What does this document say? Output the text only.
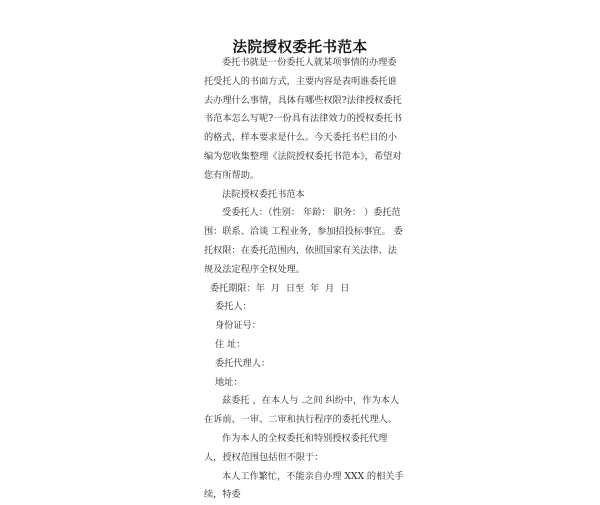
法院授权委托书范本

委托书就是一份委托人就某项事情的办理委托受托人的书面方式，主要内容是表明谁委托谁去办理什么事情，具体有哪些权限?法律授权委托书范本怎么写呢?一份具有法律效力的授权委托书的格式、样本要求是什么。今天委托书栏目的小编为您收集整理《法院授权委托书范本》，希望对您有所帮助。

法院授权委托书范本

受委托人：（性别： 年龄： 职务： ）委托范围：联系、洽谈 工程业务，参加招投标事宜。 委托权限：在委托范围内，依照国家有关法律、法规及法定程序全权处理。

委托期限：年  月  日至  年  月  日

委托人：

身份证号：

住 址：

委托代理人：

地址：

兹委托 ，在本人与 .之间 纠纷中，作为本人在诉前、一审、二审和执行程序的委托代理人。

作为本人的全权委托和特别授权委托代理人，授权范围包括但不限于：

本人工作繁忙，不能亲自办理 XXX 的相关手续，特委
